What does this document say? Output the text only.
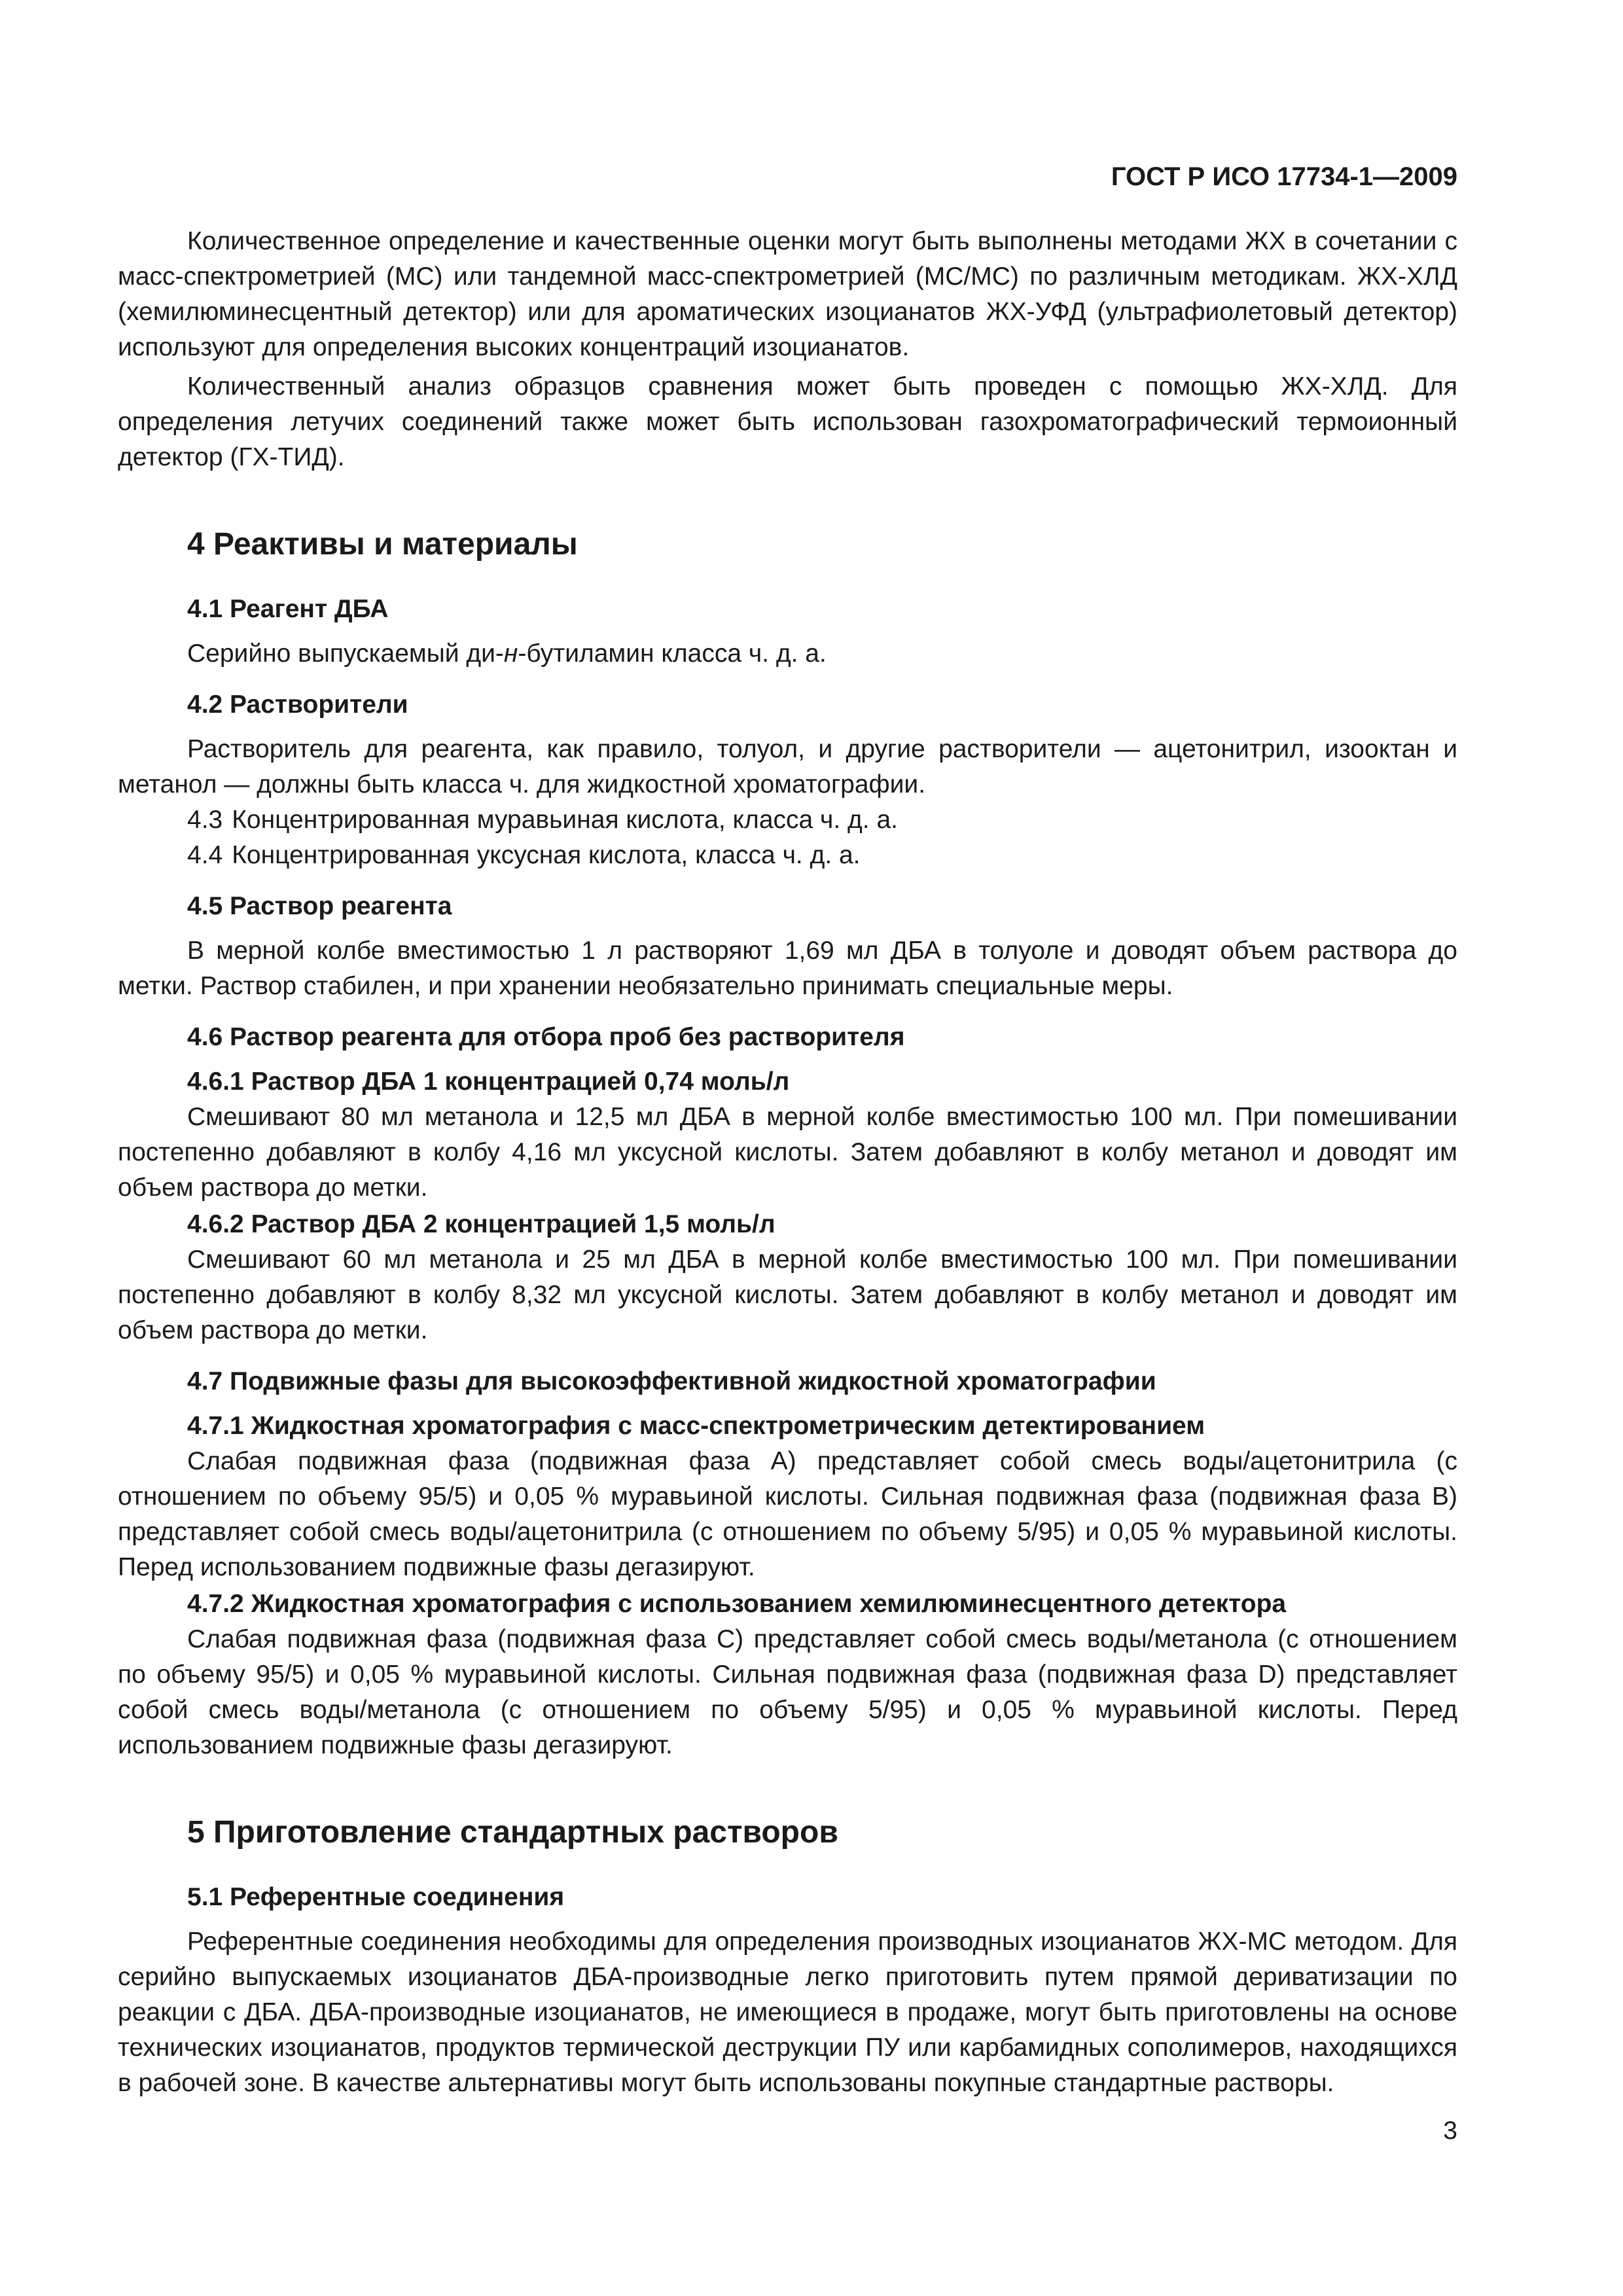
ГОСТ Р ИСО 17734-1—2009

Количественное определение и качественные оценки могут быть выполнены методами ЖХ в сочетании с масс-спектрометрией (МС) или тандемной масс-спектрометрией (МС/МС) по различным методикам. ЖХ-ХЛД (хемилюминесцентный детектор) или для ароматических изоцианатов ЖХ-УФД (ультрафиолетовый детектор) используют для определения высоких концентраций изоцианатов.

Количественный анализ образцов сравнения может быть проведен с помощью ЖХ-ХЛД. Для определения летучих соединений также может быть использован газохроматографический термоионный детектор (ГХ-ТИД).

4 Реактивы и материалы
4.1 Реагент ДБА

Серийно выпускаемый ди-н-бутиламин класса ч. д. а.

4.2 Растворители

Растворитель для реагента, как правило, толуол, и другие растворители — ацетонитрил, изооктан и метанол — должны быть класса ч. для жидкостной хроматографии.

4.3 Концентрированная муравьиная кислота, класса ч. д. а.
4.4 Концентрированная уксусная кислота, класса ч. д. а.
4.5 Раствор реагента

В мерной колбе вместимостью 1 л растворяют 1,69 мл ДБА в толуоле и доводят объем раствора до метки. Раствор стабилен, и при хранении необязательно принимать специальные меры.

4.6 Раствор реагента для отбора проб без растворителя
4.6.1 Раствор ДБА 1 концентрацией 0,74 моль/л

Смешивают 80 мл метанола и 12,5 мл ДБА в мерной колбе вместимостью 100 мл. При помешивании постепенно добавляют в колбу 4,16 мл уксусной кислоты. Затем добавляют в колбу метанол и доводят им объем раствора до метки.

4.6.2 Раствор ДБА 2 концентрацией 1,5 моль/л

Смешивают 60 мл метанола и 25 мл ДБА в мерной колбе вместимостью 100 мл. При помешивании постепенно добавляют в колбу 8,32 мл уксусной кислоты. Затем добавляют в колбу метанол и доводят им объем раствора до метки.

4.7 Подвижные фазы для высокоэффективной жидкостной хроматографии
4.7.1 Жидкостная хроматография с масс-спектрометрическим детектированием

Слабая подвижная фаза (подвижная фаза А) представляет собой смесь воды/ацетонитрила (с отношением по объему 95/5) и 0,05 % муравьиной кислоты. Сильная подвижная фаза (подвижная фаза В) представляет собой смесь воды/ацетонитрила (с отношением по объему 5/95) и 0,05 % муравьиной кислоты. Перед использованием подвижные фазы дегазируют.

4.7.2 Жидкостная хроматография с использованием хемилюминесцентного детектора

Слабая подвижная фаза (подвижная фаза С) представляет собой смесь воды/метанола (с отношением по объему 95/5) и 0,05 % муравьиной кислоты. Сильная подвижная фаза (подвижная фаза D) представляет собой смесь воды/метанола (с отношением по объему 5/95) и 0,05 % муравьиной кислоты. Перед использованием подвижные фазы дегазируют.

5 Приготовление стандартных растворов
5.1 Референтные соединения

Референтные соединения необходимы для определения производных изоцианатов ЖХ-МС методом. Для серийно выпускаемых изоцианатов ДБА-производные легко приготовить путем прямой дериватизации по реакции с ДБА. ДБА-производные изоцианатов, не имеющиеся в продаже, могут быть приготовлены на основе технических изоцианатов, продуктов термической деструкции ПУ или карбамидных сополимеров, находящихся в рабочей зоне. В качестве альтернативы могут быть использованы покупные стандартные растворы.

3
